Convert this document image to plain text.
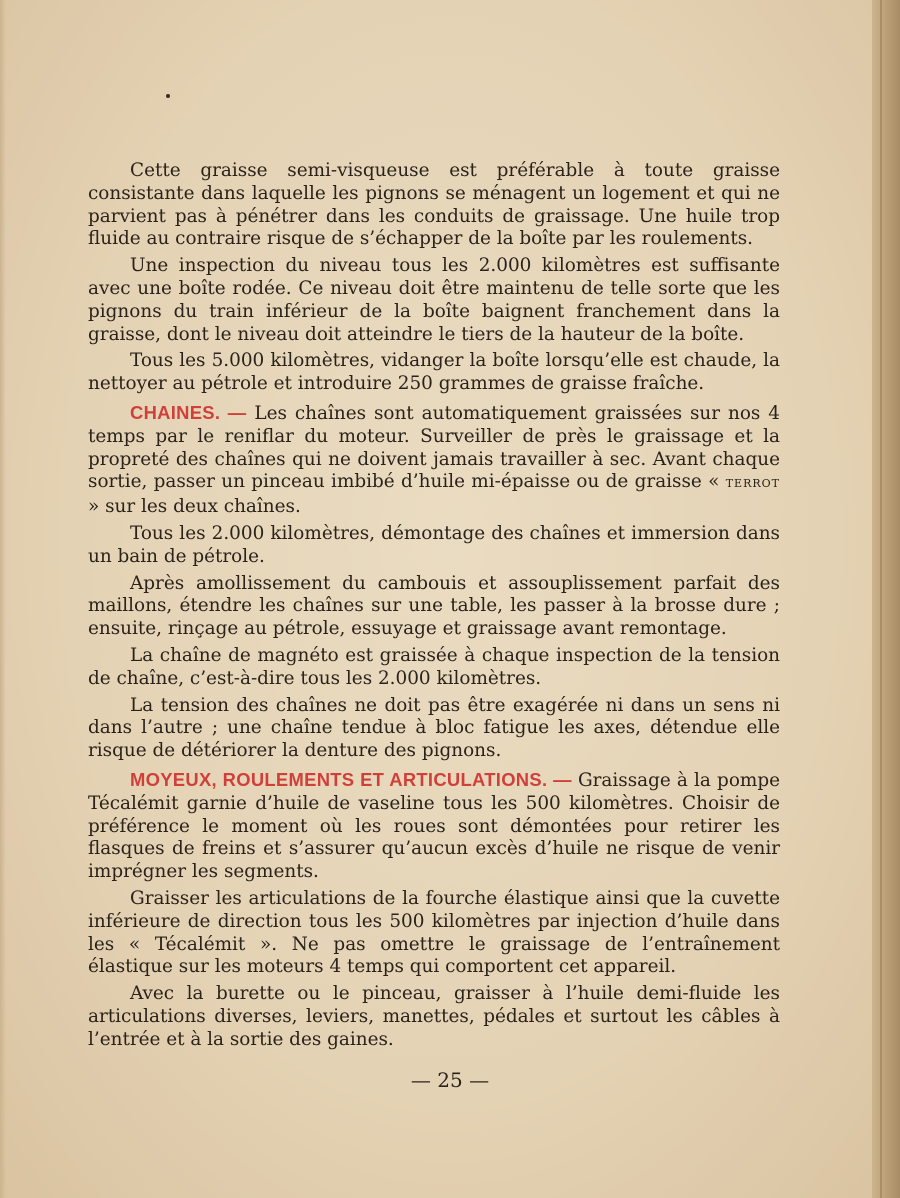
Cette graisse semi-visqueuse est préférable à toute graisse consistante dans laquelle les pignons se ménagent un logement et qui ne parvient pas à pénétrer dans les conduits de graissage. Une huile trop fluide au contraire risque de s’échapper de la boîte par les roulements.

Une inspection du niveau tous les 2.000 kilomètres est suffisante avec une boîte rodée. Ce niveau doit être maintenu de telle sorte que les pignons du train inférieur de la boîte baignent franchement dans la graisse, dont le niveau doit atteindre le tiers de la hauteur de la boîte.

Tous les 5.000 kilomètres, vidanger la boîte lorsqu’elle est chaude, la nettoyer au pétrole et introduire 250 grammes de graisse fraîche.

CHAINES. — Les chaînes sont automatiquement graissées sur nos 4 temps par le reniflar du moteur. Surveiller de près le graissage et la propreté des chaînes qui ne doivent jamais travailler à sec. Avant chaque sortie, passer un pinceau imbibé d’huile mi-épaisse ou de graisse « TERROT » sur les deux chaînes.

Tous les 2.000 kilomètres, démontage des chaînes et immersion dans un bain de pétrole.

Après amollissement du cambouis et assouplissement parfait des maillons, étendre les chaînes sur une table, les passer à la brosse dure ; ensuite, rinçage au pétrole, essuyage et graissage avant remontage.

La chaîne de magnéto est graissée à chaque inspection de la tension de chaîne, c’est-à-dire tous les 2.000 kilomètres.

La tension des chaînes ne doit pas être exagérée ni dans un sens ni dans l’autre ; une chaîne tendue à bloc fatigue les axes, détendue elle risque de détériorer la denture des pignons.

MOYEUX, ROULEMENTS ET ARTICULATIONS. — Graissage à la pompe Técalémit garnie d’huile de vaseline tous les 500 kilomètres. Choisir de préférence le moment où les roues sont démontées pour retirer les flasques de freins et s’assurer qu’aucun excès d’huile ne risque de venir imprégner les segments.

Graisser les articulations de la fourche élastique ainsi que la cuvette inférieure de direction tous les 500 kilomètres par injection d’huile dans les « Técalémit ». Ne pas omettre le graissage de l’entraînement élastique sur les moteurs 4 temps qui comportent cet appareil.

Avec la burette ou le pinceau, graisser à l’huile demi-fluide les articulations diverses, leviers, manettes, pédales et surtout les câbles à l’entrée et à la sortie des gaines.

— 25 —
